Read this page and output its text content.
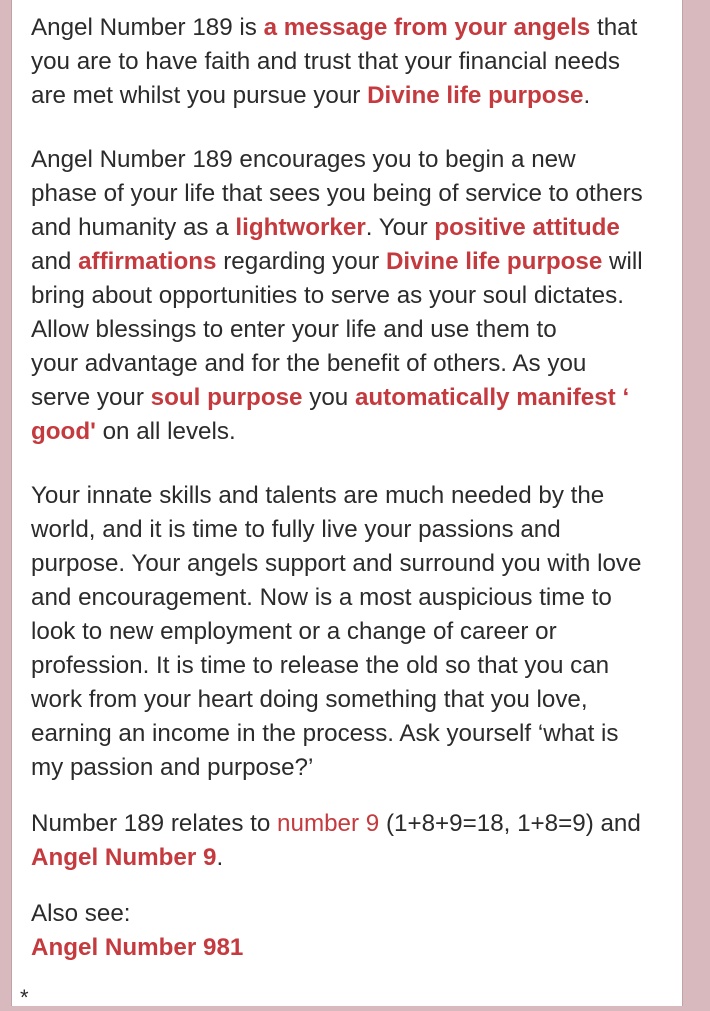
Angel Number 189 is a message from your angels that
you are to have faith and trust that your financial needs
are met whilst you pursue your Divine life purpose.

Angel Number 189 encourages you to begin a new
phase of your life that sees you being of service to others
and humanity as a lightworker. Your positive attitude
and affirmations regarding your Divine life purpose will
bring about opportunities to serve as your soul dictates.
Allow blessings to enter your life and use them to
your advantage and for the benefit of others. As you
serve your soul purpose you automatically manifest ‘
good' on all levels.

Your innate skills and talents are much needed by the
world, and it is time to fully live your passions and
purpose. Your angels support and surround you with love
and encouragement. Now is a most auspicious time to
look to new employment or a change of career or
profession. It is time to release the old so that you can
work from your heart doing something that you love,
earning an income in the process. Ask yourself ‘what is
my passion and purpose?’

Number 189 relates to number 9 (1+8+9=18, 1+8=9) and
Angel Number 9.

Also see:
Angel Number 981

*
